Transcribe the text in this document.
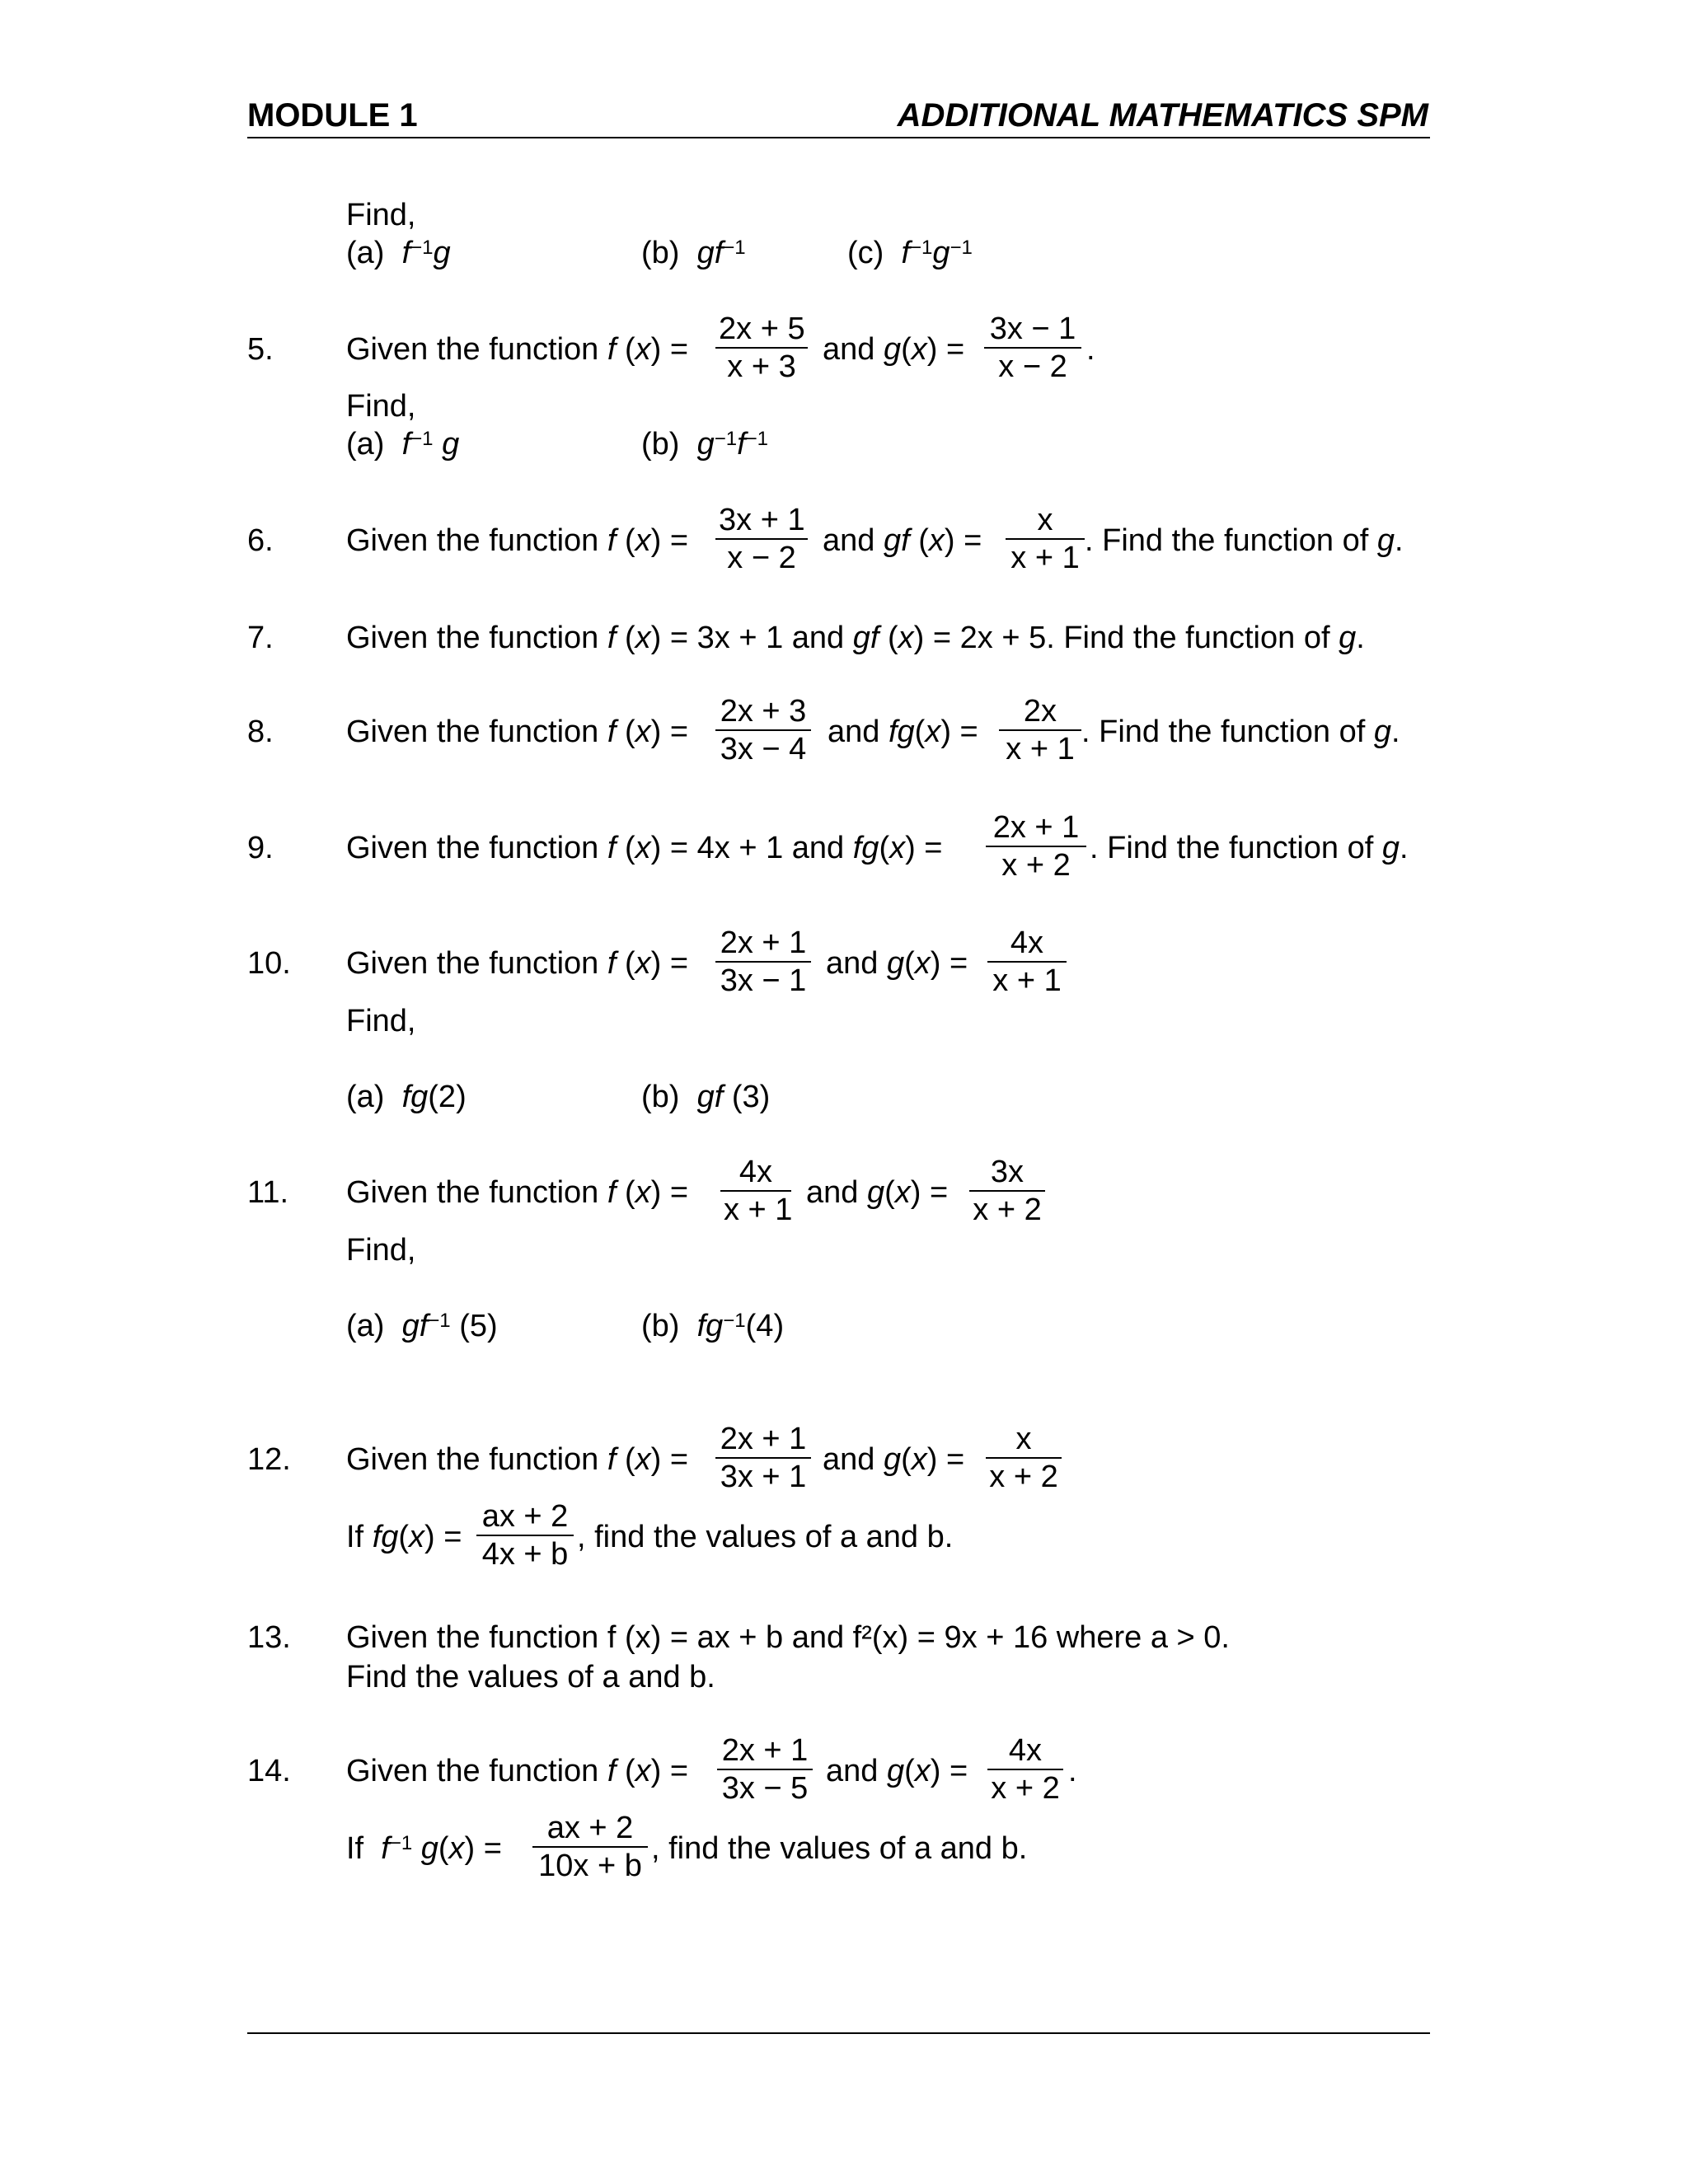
MODULE 1	ADDITIONAL MATHEMATICS SPM
Find,
(a) $f^{-1}g$	(b) $gf^{-1}$	(c) $f^{-1}g^{-1}$
5. Given the function f $(x) = \frac{2x + 5}{x + 3}$ and $g(x) = \frac{3x - 1}{x - 2}$ .
Find,
(a) $f^{-1}$ g	(b) $g^{-1}f^{-1}$
6. Given the function f $(x) = \frac{3x + 1}{x - 2}$ and gf $(x) = \frac{x}{x + 1}$ . Find the function of g.
7. Given the function f (x) = 3x + 1 and gf (x) = 2x + 5. Find the function of g.
8. Given the function f $(x) = \frac{2x + 3}{3x - 4}$ and $fg(x) = \frac{2x}{x + 1}$ . Find the function of g.
9. Given the function f (x) = 4x + 1 and $fg(x) = \frac{2x + 1}{x + 2}$ . Find the function of g.
10. Given the function f $(x) = \frac{2x + 1}{3x - 1}$ and $g(x) = \frac{4x}{x + 1}$
Find,
(a) fg(2)	(b) gf (3)
11. Given the function f $(x) = \frac{4x}{x + 1}$ and $g(x) = \frac{3x}{x + 2}$
Find,
(a) $gf^{-1}$ (5)	(b) $fg^{-1}(4)$
12. Given the function f $(x) = \frac{2x + 1}{3x + 1}$ and $g(x) = \frac{x}{x + 2}$
If $fg(x) = \frac{ax + 2}{4x + b}$ , find the values of a and b.
13. Given the function f (x) = ax + b and f²(x) = 9x + 16 where a > 0.
Find the values of a and b.
14. Given the function f $(x) = \frac{2x + 1}{3x - 5}$ and $g(x) = \frac{4x}{x + 2}$ .
If $f^{-1}$ $g(x) = \frac{ax + 2}{10x + b}$ , find the values of a and b.
